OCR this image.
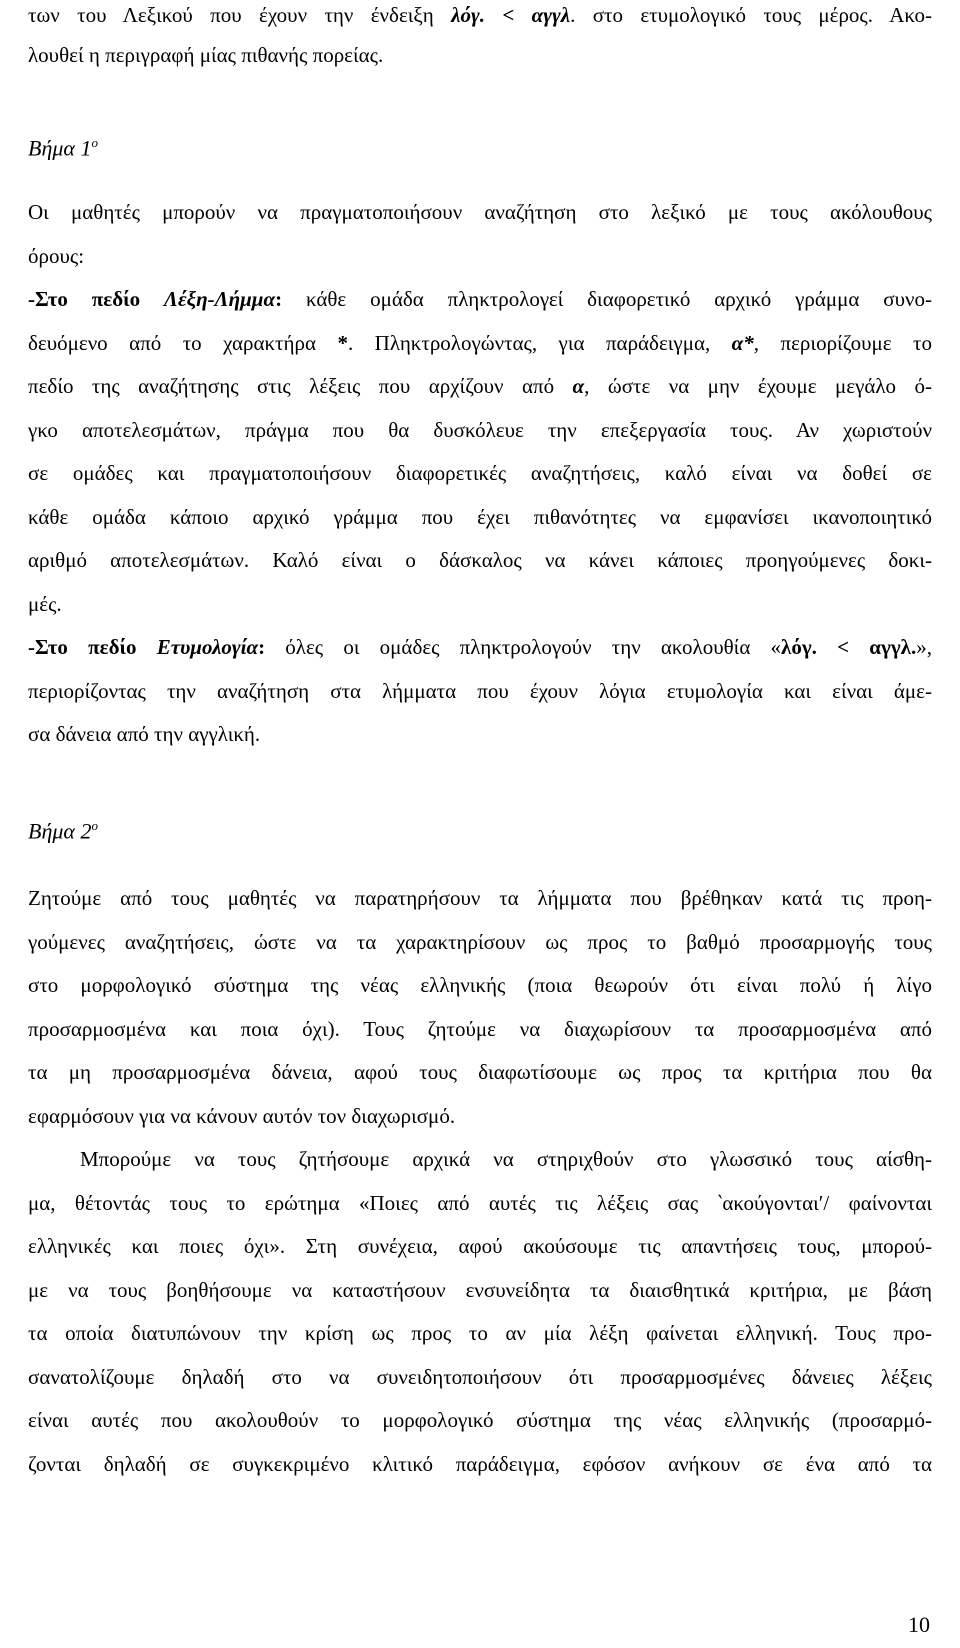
των του Λεξικού που έχουν την ένδειξη λόγ. < αγγλ. στο ετυμολογικό τους μέρος. Ακο-

λουθεί η περιγραφή μίας πιθανής πορείας.

Βήμα $1^o$

Οι μαθητές μπορούν να πραγματοποιήσουν αναζήτηση στο λεξικό με τους ακόλουθους

όρους:

-Στο πεδίο Λέξη-Λήμμα: κάθε ομάδα πληκτρολογεί διαφορετικό αρχικό γράμμα συνο-

δευόμενο από το χαρακτήρα *. Πληκτρολογώντας, για παράδειγμα, α*, περιορίζουμε το

πεδίο της αναζήτησης στις λέξεις που αρχίζουν από α, ώστε να μην έχουμε μεγάλο ό-

γκο αποτελεσμάτων, πράγμα που θα δυσκόλευε την επεξεργασία τους. Αν χωριστούν

σε ομάδες και πραγματοποιήσουν διαφορετικές αναζητήσεις, καλό είναι να δοθεί σε

κάθε ομάδα κάποιο αρχικό γράμμα που έχει πιθανότητες να εμφανίσει ικανοποιητικό

αριθμό αποτελεσμάτων. Καλό είναι ο δάσκαλος να κάνει κάποιες προηγούμενες δοκι-

μές.

-Στο πεδίο Ετυμολογία: όλες οι ομάδες πληκτρολογούν την ακολουθία «λόγ. < αγγλ.»,

περιορίζοντας την αναζήτηση στα λήμματα που έχουν λόγια ετυμολογία και είναι άμε-

σα δάνεια από την αγγλική.

Βήμα $2^o$

Ζητούμε από τους μαθητές να παρατηρήσουν τα λήμματα που βρέθηκαν κατά τις προη-

γούμενες αναζητήσεις, ώστε να τα χαρακτηρίσουν ως προς το βαθμό προσαρμογής τους

στο μορφολογικό σύστημα της νέας ελληνικής (ποια θεωρούν ότι είναι πολύ ή λίγο

προσαρμοσμένα και ποια όχι). Τους ζητούμε να διαχωρίσουν τα προσαρμοσμένα από

τα μη προσαρμοσμένα δάνεια, αφού τους διαφωτίσουμε ως προς τα κριτήρια που θα

εφαρμόσουν για να κάνουν αυτόν τον διαχωρισμό.

Μπορούμε να τους ζητήσουμε αρχικά να στηριχθούν στο γλωσσικό τους αίσθη-

μα, θέτοντάς τους το ερώτημα «Ποιες από αυτές τις λέξεις σας ‵ακούγονται′/ φαίνονται

ελληνικές και ποιες όχι». Στη συνέχεια, αφού ακούσουμε τις απαντήσεις τους, μπορού-

με να τους βοηθήσουμε να καταστήσουν ενσυνείδητα τα διαισθητικά κριτήρια, με βάση

τα οποία διατυπώνουν την κρίση ως προς το αν μία λέξη φαίνεται ελληνική. Τους προ-

σανατολίζουμε δηλαδή στο να συνειδητοποιήσουν ότι προσαρμοσμένες δάνειες λέξεις

είναι αυτές που ακολουθούν το μορφολογικό σύστημα της νέας ελληνικής (προσαρμό-

ζονται δηλαδή σε συγκεκριμένο κλιτικό παράδειγμα, εφόσον ανήκουν σε ένα από τα

10
